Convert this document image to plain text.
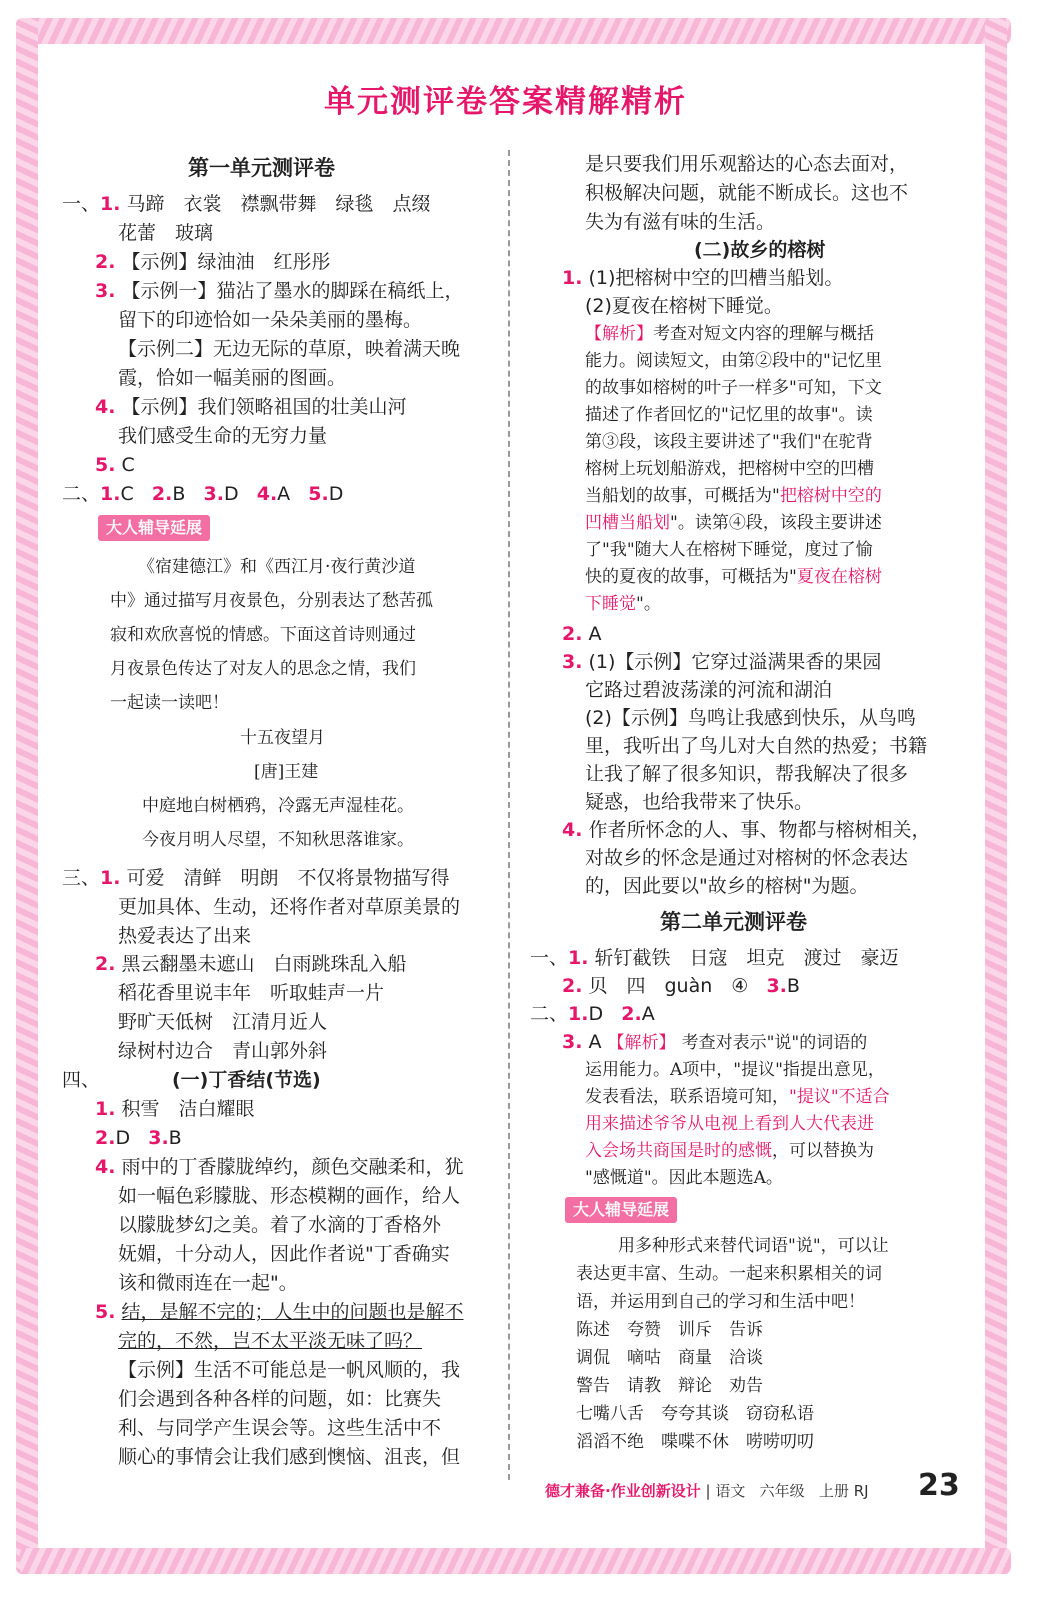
单元测评卷答案精解精析
第一单元测评卷
一、1. 马蹄　衣裳　襟飘带舞　绿毯　点缀
花蕾　玻璃
2. 【示例】绿油油　红彤彤
3. 【示例一】猫沾了墨水的脚踩在稿纸上，
留下的印迹恰如一朵朵美丽的墨梅。
【示例二】无边无际的草原，映着满天晚
霞，恰如一幅美丽的图画。
4. 【示例】我们领略祖国的壮美山河
我们感受生命的无穷力量
5. C
二、1.C 2.B 3.D 4.A 5.D
大人辅导延展
《宿建德江》和《西江月·夜行黄沙道
中》通过描写月夜景色，分别表达了愁苦孤
寂和欢欣喜悦的情感。下面这首诗则通过
月夜景色传达了对友人的思念之情，我们
一起读一读吧！
十五夜望月
[唐]王建
中庭地白树栖鸦，冷露无声湿桂花。
今夜月明人尽望，不知秋思落谁家。
三、1. 可爱　清鲜　明朗　不仅将景物描写得
更加具体、生动，还将作者对草原美景的
热爱表达了出来
2. 黑云翻墨未遮山　白雨跳珠乱入船
稻花香里说丰年　听取蛙声一片
野旷天低树　江清月近人
绿树村边合　青山郭外斜
四、	(一)丁香结(节选)
1. 积雪　洁白耀眼
2.D 3.B
4. 雨中的丁香朦胧绰约，颜色交融柔和，犹
如一幅色彩朦胧、形态模糊的画作，给人
以朦胧梦幻之美。着了水滴的丁香格外
妩媚，十分动人，因此作者说"丁香确实
该和微雨连在一起"。
5. 结，是解不完的；人生中的问题也是解不
完的，不然，岂不太平淡无味了吗？
【示例】生活不可能总是一帆风顺的，我
们会遇到各种各样的问题，如：比赛失
利、与同学产生误会等。这些生活中不
顺心的事情会让我们感到懊恼、沮丧，但
是只要我们用乐观豁达的心态去面对，
积极解决问题，就能不断成长。这也不
失为有滋有味的生活。
(二)故乡的榕树
1. (1)把榕树中空的凹槽当船划。
(2)夏夜在榕树下睡觉。
【解析】考查对短文内容的理解与概括
能力。阅读短文，由第②段中的"记忆里
的故事如榕树的叶子一样多"可知，下文
描述了作者回忆的"记忆里的故事"。读
第③段，该段主要讲述了"我们"在驼背
榕树上玩划船游戏，把榕树中空的凹槽
当船划的故事，可概括为"把榕树中空的
凹槽当船划"。读第④段，该段主要讲述
了"我"随大人在榕树下睡觉，度过了愉
快的夏夜的故事，可概括为"夏夜在榕树
下睡觉"。
2. A
3. (1)【示例】它穿过溢满果香的果园
它路过碧波荡漾的河流和湖泊
(2)【示例】鸟鸣让我感到快乐，从鸟鸣
里，我听出了鸟儿对大自然的热爱；书籍
让我了解了很多知识，帮我解决了很多
疑惑，也给我带来了快乐。
4. 作者所怀念的人、事、物都与榕树相关，
对故乡的怀念是通过对榕树的怀念表达
的，因此要以"故乡的榕树"为题。
第二单元测评卷
一、1. 斩钉截铁　日寇　坦克　渡过　豪迈
2. 贝　四　guàn　④ 3.B
二、1.D 2.A
3. A 【解析】 考查对表示"说"的词语的
运用能力。A项中，"提议"指提出意见，
发表看法，联系语境可知，"提议"不适合
用来描述爷爷从电视上看到人大代表进
入会场共商国是时的感慨，可以替换为
"感慨道"。因此本题选A。
大人辅导延展
用多种形式来替代词语"说"，可以让
表达更丰富、生动。一起来积累相关的词
语，并运用到自己的学习和生活中吧！
陈述　夸赞　训斥　告诉
调侃　嘀咕　商量　洽谈
警告　请教　辩论　劝告
七嘴八舌　夸夸其谈　窃窃私语
滔滔不绝　喋喋不休　唠唠叨叨
德才兼备·作业创新设计 | 语文 六年级 上册 RJ 23
